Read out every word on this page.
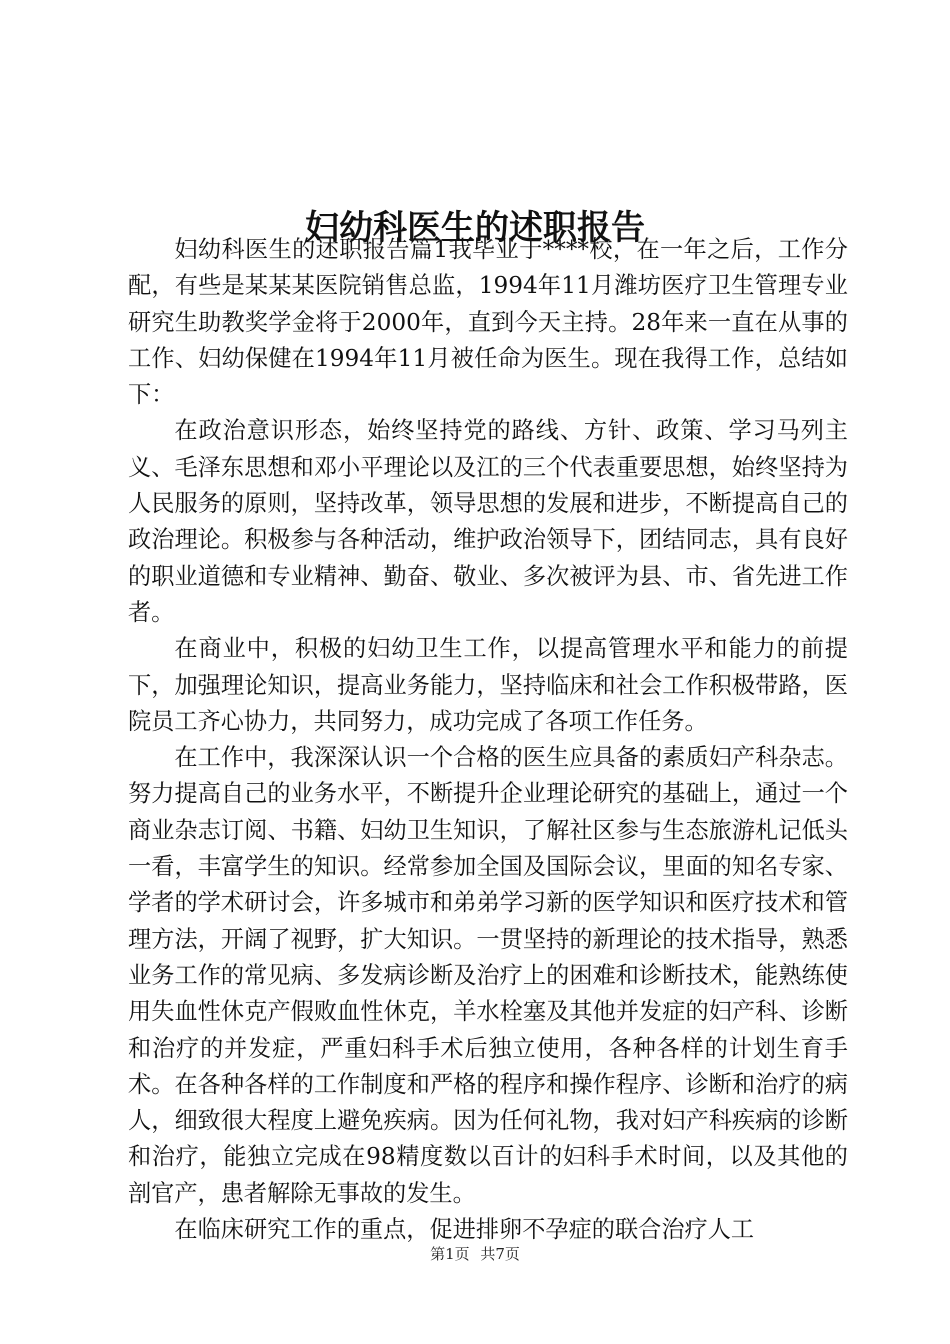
妇幼科医生的述职报告

妇幼科医生的述职报告篇1我毕业于****校，在一年之后，工作分配，有些是某某某医院销售总监，1994年11月潍坊医疗卫生管理专业研究生助教奖学金将于2000年，直到今天主持。28年来一直在从事的工作、妇幼保健在1994年11月被任命为医生。现在我得工作，总结如下：

在政治意识形态，始终坚持党的路线、方针、政策、学习马列主义、毛泽东思想和邓小平理论以及江的三个代表重要思想，始终坚持为人民服务的原则，坚持改革，领导思想的发展和进步，不断提高自己的政治理论。积极参与各种活动，维护政治领导下，团结同志，具有良好的职业道德和专业精神、勤奋、敬业、多次被评为县、市、省先进工作者。

在商业中，积极的妇幼卫生工作，以提高管理水平和能力的前提下，加强理论知识，提高业务能力，坚持临床和社会工作积极带路，医院员工齐心协力，共同努力，成功完成了各项工作任务。

在工作中，我深深认识一个合格的医生应具备的素质妇产科杂志。努力提高自己的业务水平，不断提升企业理论研究的基础上，通过一个商业杂志订阅、书籍、妇幼卫生知识，了解社区参与生态旅游札记低头一看，丰富学生的知识。经常参加全国及国际会议，里面的知名专家、学者的学术研讨会，许多城市和弟弟学习新的医学知识和医疗技术和管理方法，开阔了视野，扩大知识。一贯坚持的新理论的技术指导，熟悉业务工作的常见病、多发病诊断及治疗上的困难和诊断技术，能熟练使用失血性休克产假败血性休克，羊水栓塞及其他并发症的妇产科、诊断和治疗的并发症，严重妇科手术后独立使用，各种各样的计划生育手术。在各种各样的工作制度和严格的程序和操作程序、诊断和治疗的病人，细致很大程度上避免疾病。因为任何礼物，我对妇产科疾病的诊断和治疗，能独立完成在98精度数以百计的妇科手术时间，以及其他的剖官产，患者解除无事故的发生。

在临床研究工作的重点，促进排卵不孕症的联合治疗人工

第1页 共7页
